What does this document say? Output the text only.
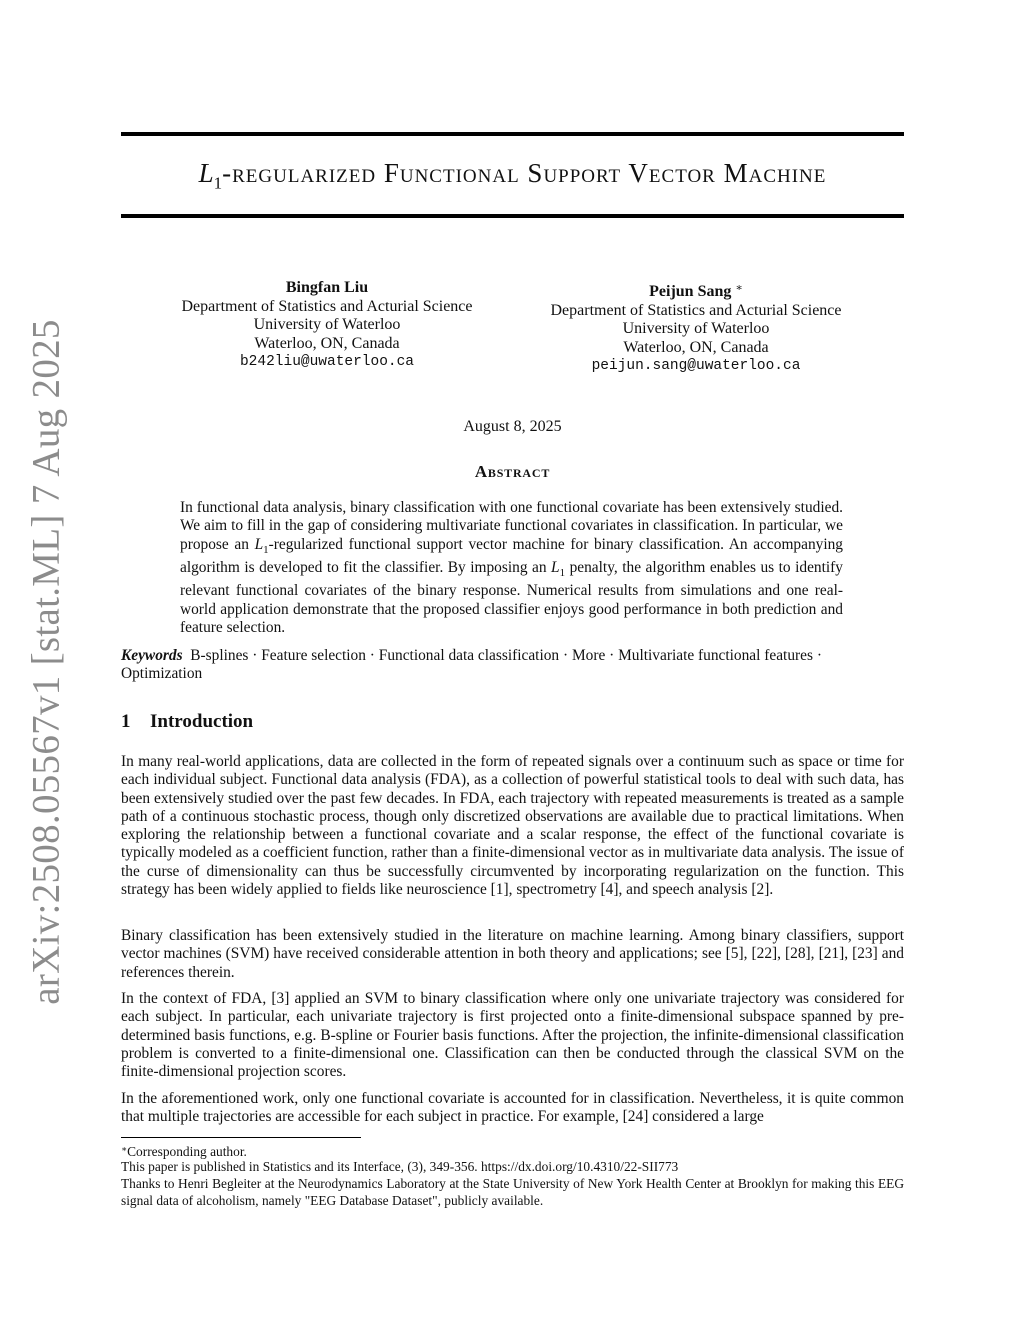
arXiv:2508.05567v1 [stat.ML] 7 Aug 2025
$L_1$-regularized Functional Support Vector Machine
Bingfan Liu
Department of Statistics and Acturial Science
University of Waterloo
Waterloo, ON, Canada
b242liu@uwaterloo.ca
Peijun Sang ∗
Department of Statistics and Acturial Science
University of Waterloo
Waterloo, ON, Canada
peijun.sang@uwaterloo.ca
August 8, 2025
Abstract

In functional data analysis, binary classification with one functional covariate has been extensively studied. We aim to fill in the gap of considering multivariate functional covariates in classification. In particular, we propose an $L_1$-regularized functional support vector machine for binary classification. An accompanying algorithm is developed to fit the classifier. By imposing an $L_1$ penalty, the algorithm enables us to identify relevant functional covariates of the binary response. Numerical results from simulations and one real-world application demonstrate that the proposed classifier enjoys good performance in both prediction and feature selection.

Keywords B-splines · Feature selection · Functional data classification · More · Multivariate functional features · Optimization

1 Introduction

In many real-world applications, data are collected in the form of repeated signals over a continuum such as space or time for each individual subject. Functional data analysis (FDA), as a collection of powerful statistical tools to deal with such data, has been extensively studied over the past few decades. In FDA, each trajectory with repeated measurements is treated as a sample path of a continuous stochastic process, though only discretized observations are available due to practical limitations. When exploring the relationship between a functional covariate and a scalar response, the effect of the functional covariate is typically modeled as a coefficient function, rather than a finite-dimensional vector as in multivariate data analysis. The issue of the curse of dimensionality can thus be successfully circumvented by incorporating regularization on the function. This strategy has been widely applied to fields like neuroscience [1], spectrometry [4], and speech analysis [2].

Binary classification has been extensively studied in the literature on machine learning. Among binary classifiers, support vector machines (SVM) have received considerable attention in both theory and applications; see [5], [22], [28], [21], [23] and references therein.

In the context of FDA, [3] applied an SVM to binary classification where only one univariate trajectory was considered for each subject. In particular, each univariate trajectory is first projected onto a finite-dimensional subspace spanned by pre-determined basis functions, e.g. B-spline or Fourier basis functions. After the projection, the infinite-dimensional classification problem is converted to a finite-dimensional one. Classification can then be conducted through the classical SVM on the finite-dimensional projection scores.

In the aforementioned work, only one functional covariate is accounted for in classification. Nevertheless, it is quite common that multiple trajectories are accessible for each subject in practice. For example, [24] considered a large

∗Corresponding author.

This paper is published in Statistics and its Interface, (3), 349-356. https://dx.doi.org/10.4310/22-SII773

Thanks to Henri Begleiter at the Neurodynamics Laboratory at the State University of New York Health Center at Brooklyn for making this EEG signal data of alcoholism, namely "EEG Database Dataset", publicly available.
